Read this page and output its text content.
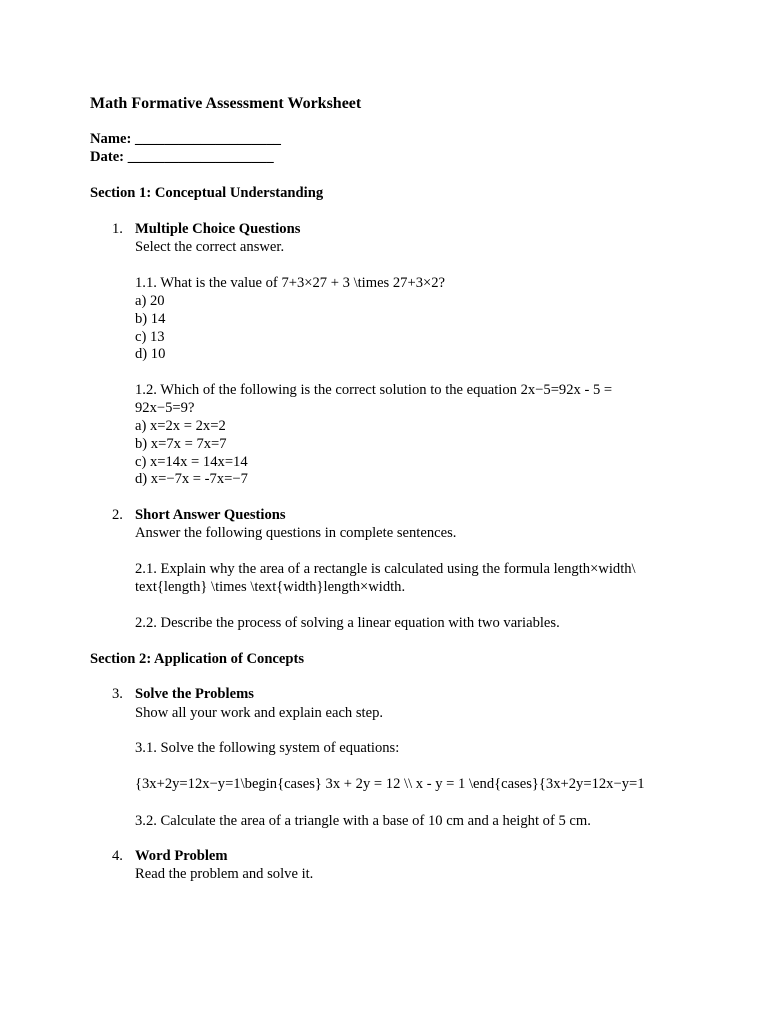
Math Formative Assessment Worksheet
Name: ____________________
Date: ____________________
Section 1: Conceptual Understanding
1. Multiple Choice Questions
Select the correct answer.
1.1. What is the value of 7+3×27 + 3 \times 27+3×2?
a) 20
b) 14
c) 13
d) 10
1.2. Which of the following is the correct solution to the equation 2x−5=92x - 5 =
92x−5=9?
a) x=2x = 2x=2
b) x=7x = 7x=7
c) x=14x = 14x=14
d) x=−7x = -7x=−7
2. Short Answer Questions
Answer the following questions in complete sentences.
2.1. Explain why the area of a rectangle is calculated using the formula length×width\
text{length} \times \text{width}length×width.
2.2. Describe the process of solving a linear equation with two variables.
Section 2: Application of Concepts
3. Solve the Problems
Show all your work and explain each step.
3.1. Solve the following system of equations:
{3x+2y=12x−y=1\begin{cases} 3x + 2y = 12 \\ x - y = 1 \end{cases}{3x+2y=12x−y=1
3.2. Calculate the area of a triangle with a base of 10 cm and a height of 5 cm.
4. Word Problem
Read the problem and solve it.
